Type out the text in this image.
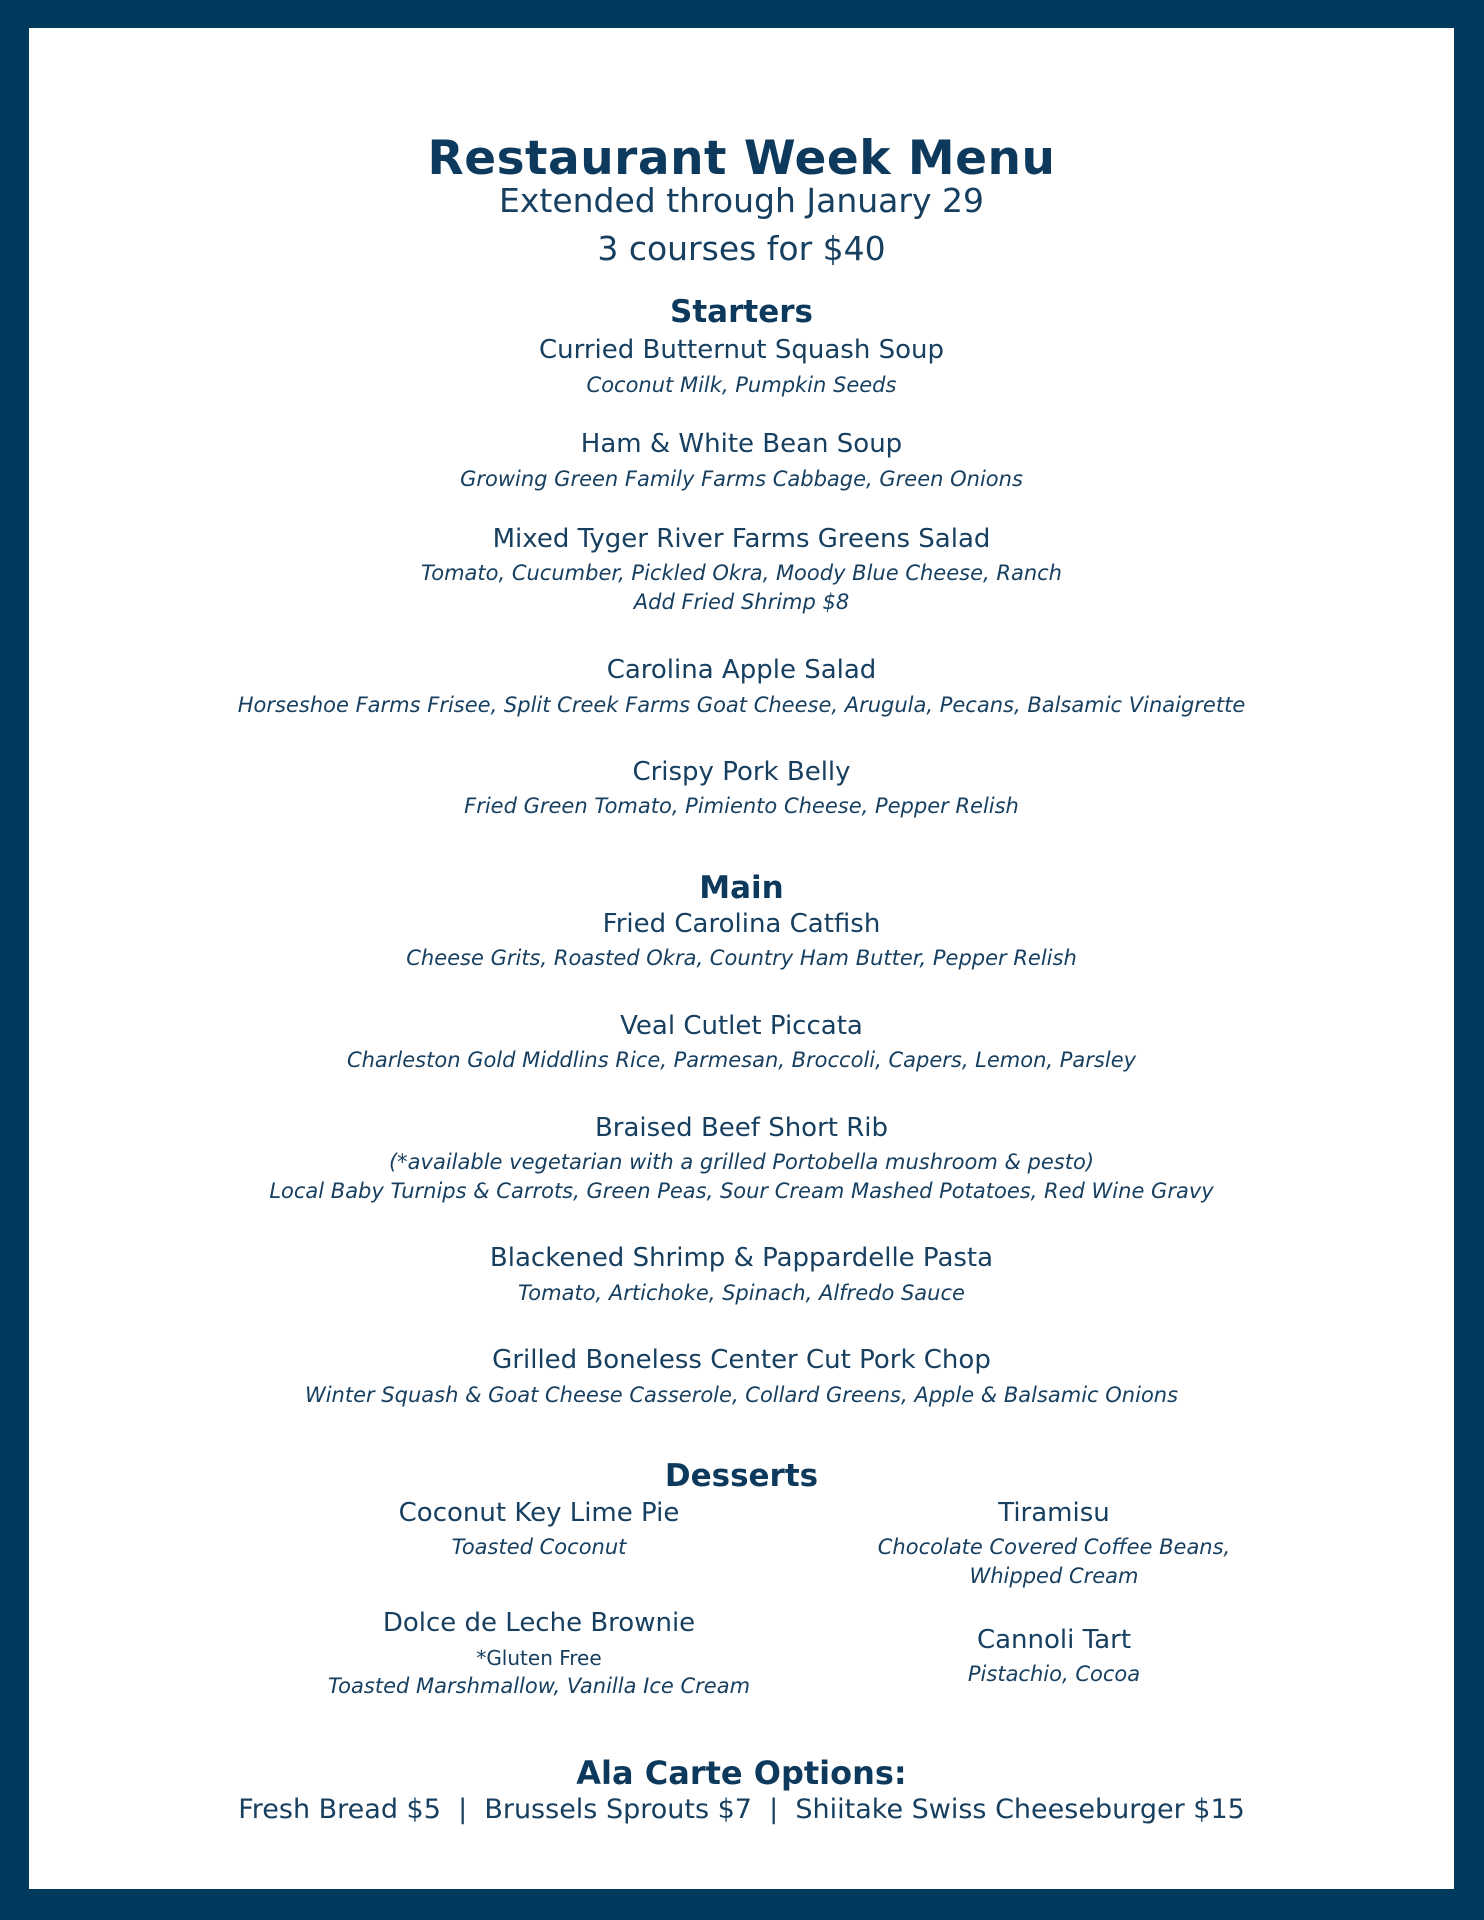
Restaurant Week Menu
Extended through January 29
3 courses for $40
Starters
Curried Butternut Squash Soup
Coconut Milk, Pumpkin Seeds
Ham & White Bean Soup
Growing Green Family Farms Cabbage, Green Onions
Mixed Tyger River Farms Greens Salad
Tomato, Cucumber, Pickled Okra, Moody Blue Cheese, Ranch
Add Fried Shrimp $8
Carolina Apple Salad
Horseshoe Farms Frisee, Split Creek Farms Goat Cheese, Arugula, Pecans, Balsamic Vinaigrette
Crispy Pork Belly
Fried Green Tomato, Pimiento Cheese, Pepper Relish
Main
Fried Carolina Catfish
Cheese Grits, Roasted Okra, Country Ham Butter, Pepper Relish
Veal Cutlet Piccata
Charleston Gold Middlins Rice, Parmesan, Broccoli, Capers, Lemon, Parsley
Braised Beef Short Rib
(*available vegetarian with a grilled Portobella mushroom & pesto)
Local Baby Turnips & Carrots, Green Peas, Sour Cream Mashed Potatoes, Red Wine Gravy
Blackened Shrimp & Pappardelle Pasta
Tomato, Artichoke, Spinach, Alfredo Sauce
Grilled Boneless Center Cut Pork Chop
Winter Squash & Goat Cheese Casserole, Collard Greens, Apple & Balsamic Onions
Desserts
Coconut Key Lime Pie
Toasted Coconut
Dolce de Leche Brownie
*Gluten Free
Toasted Marshmallow, Vanilla Ice Cream
Tiramisu
Chocolate Covered Coffee Beans,
Whipped Cream
Cannoli Tart
Pistachio, Cocoa
Ala Carte Options:
Fresh Bread $5  |  Brussels Sprouts $7  |  Shiitake Swiss Cheeseburger $15
